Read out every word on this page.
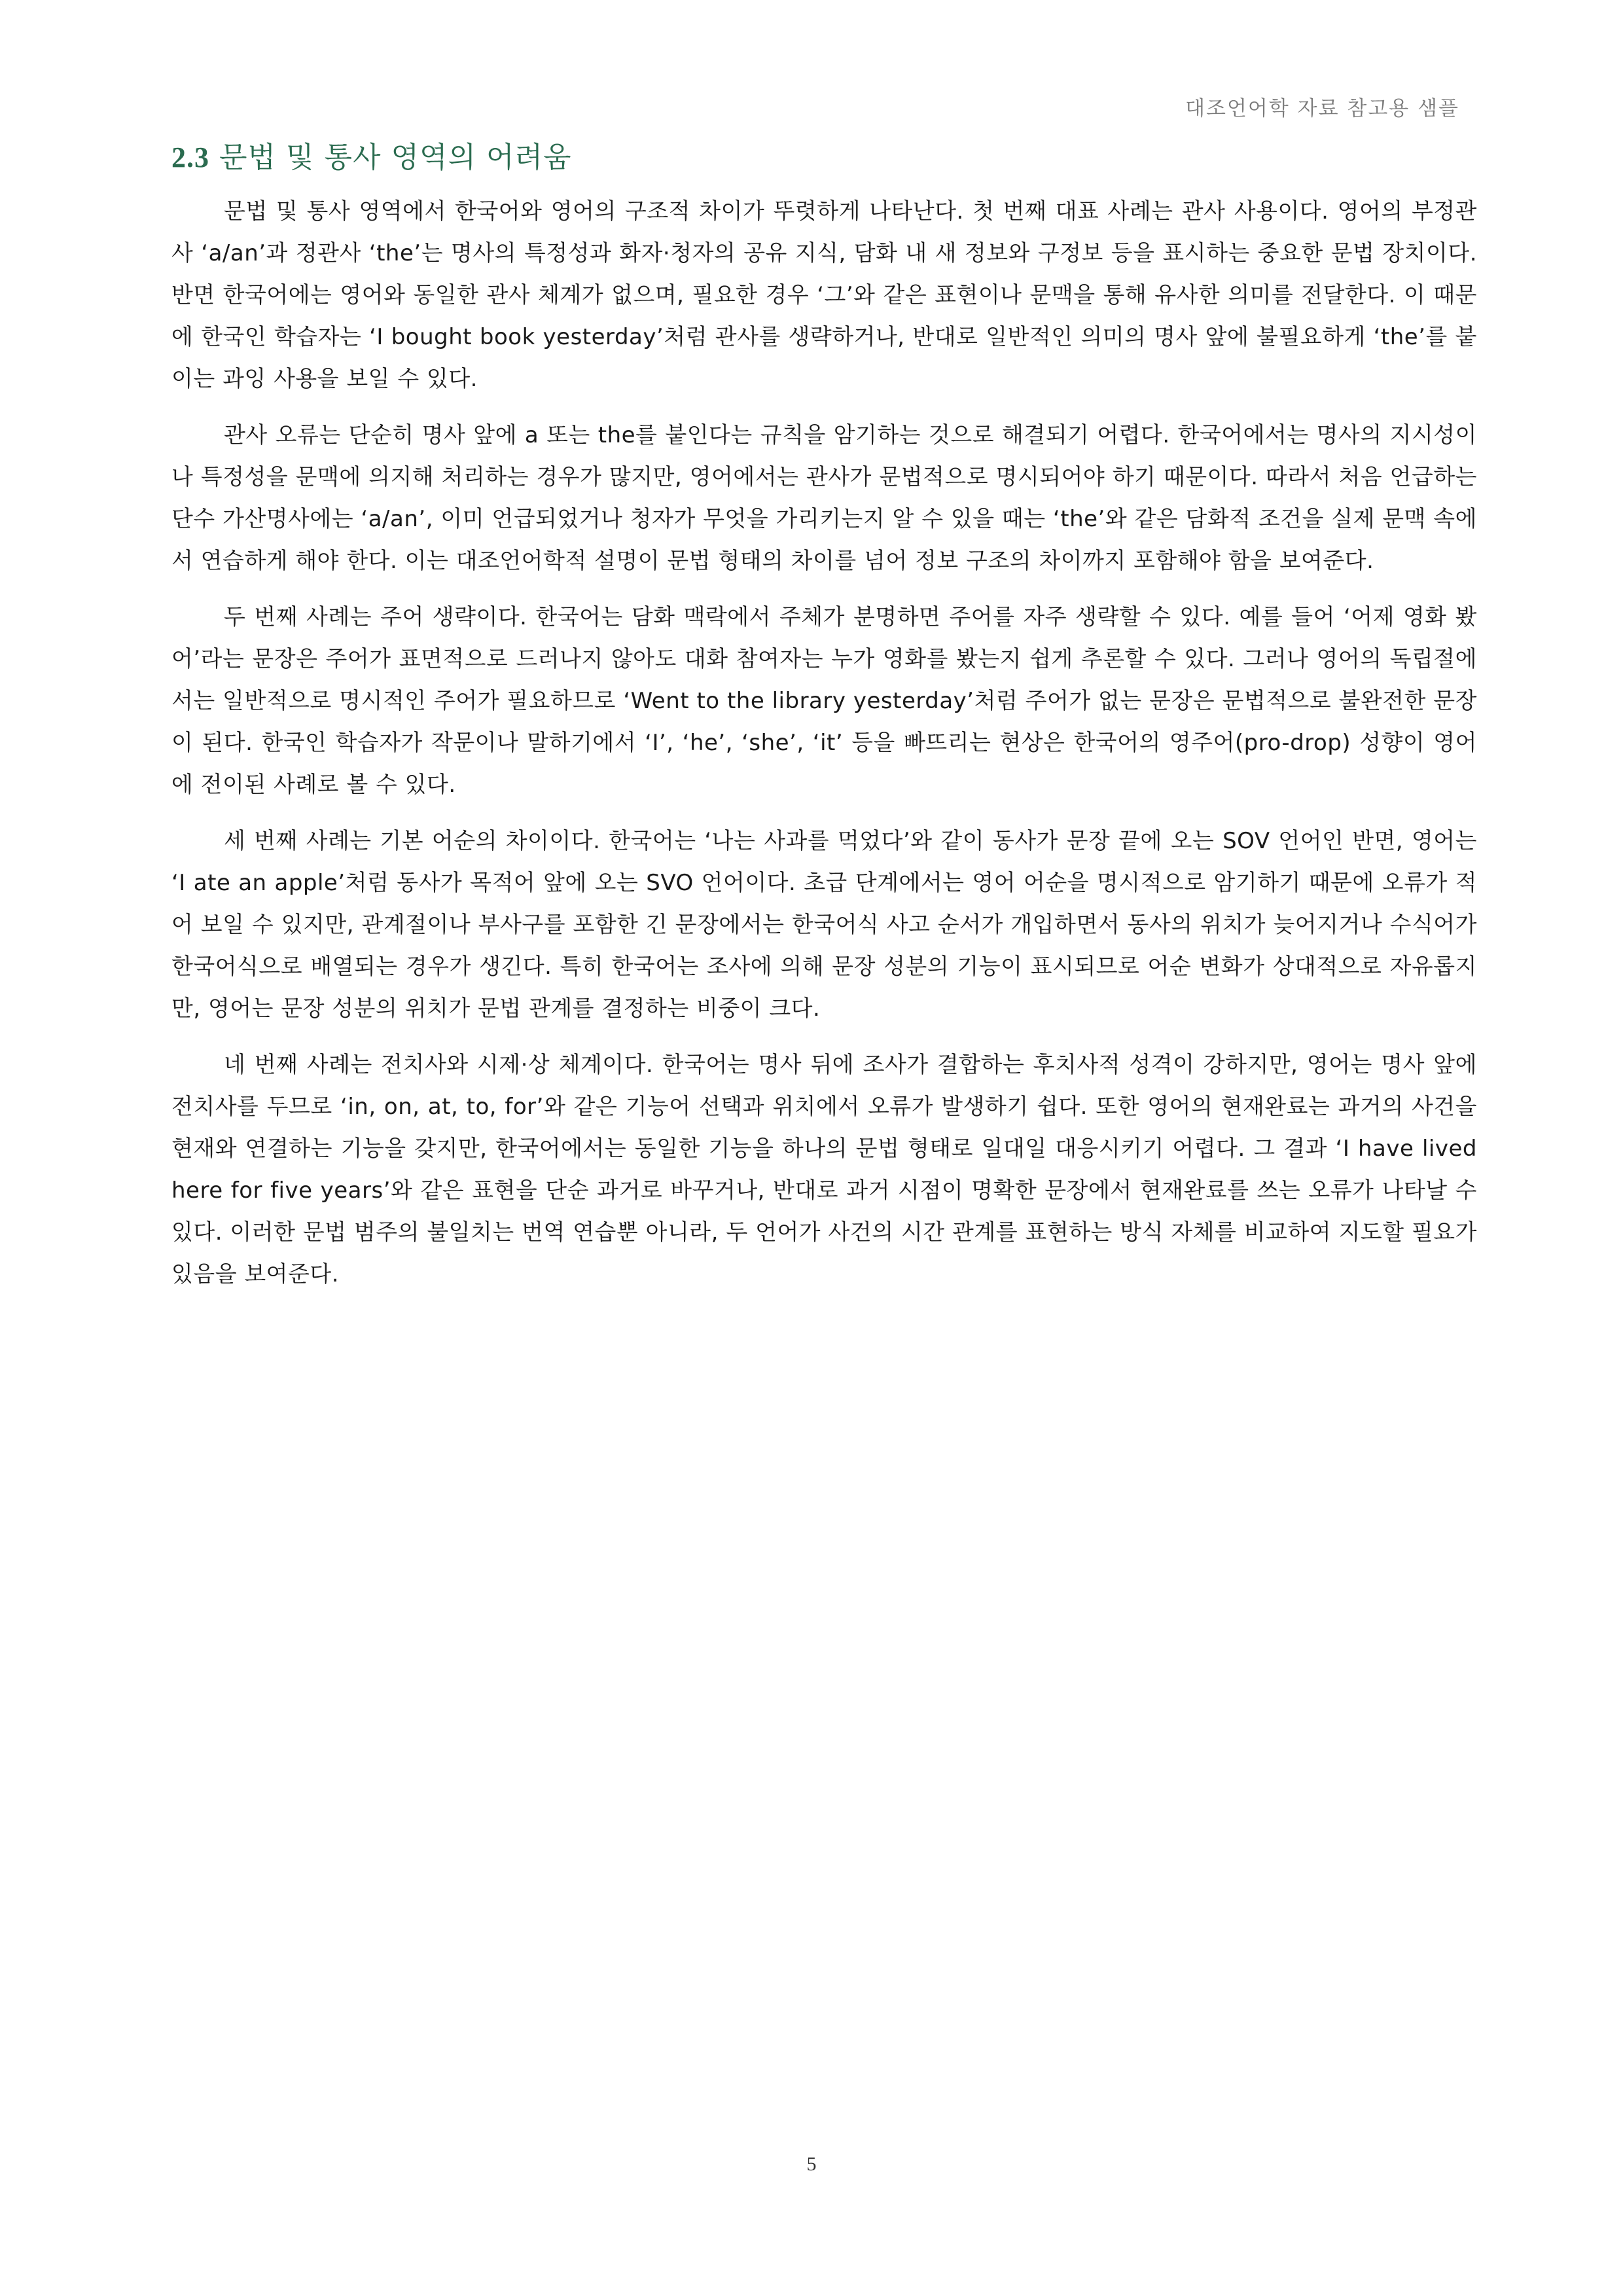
대조언어학 자료 참고용 샘플
2.3 문법 및 통사 영역의 어려움

문법 및 통사 영역에서 한국어와 영어의 구조적 차이가 뚜렷하게 나타난다. 첫 번째 대표 사례는 관사 사용이다. 영어의 부정관사 ‘a/an’과 정관사 ‘the’는 명사의 특정성과 화자·청자의 공유 지식, 담화 내 새 정보와 구정보 등을 표시하는 중요한 문법 장치이다. 반면 한국어에는 영어와 동일한 관사 체계가 없으며, 필요한 경우 ‘그’와 같은 표현이나 문맥을 통해 유사한 의미를 전달한다. 이 때문에 한국인 학습자는 ‘I bought book yesterday’처럼 관사를 생략하거나, 반대로 일반적인 의미의 명사 앞에 불필요하게 ‘the’를 붙이는 과잉 사용을 보일 수 있다.

관사 오류는 단순히 명사 앞에 a 또는 the를 붙인다는 규칙을 암기하는 것으로 해결되기 어렵다. 한국어에서는 명사의 지시성이나 특정성을 문맥에 의지해 처리하는 경우가 많지만, 영어에서는 관사가 문법적으로 명시되어야 하기 때문이다. 따라서 처음 언급하는 단수 가산명사에는 ‘a/an’, 이미 언급되었거나 청자가 무엇을 가리키는지 알 수 있을 때는 ‘the’와 같은 담화적 조건을 실제 문맥 속에서 연습하게 해야 한다. 이는 대조언어학적 설명이 문법 형태의 차이를 넘어 정보 구조의 차이까지 포함해야 함을 보여준다.

두 번째 사례는 주어 생략이다. 한국어는 담화 맥락에서 주체가 분명하면 주어를 자주 생략할 수 있다. 예를 들어 ‘어제 영화 봤어’라는 문장은 주어가 표면적으로 드러나지 않아도 대화 참여자는 누가 영화를 봤는지 쉽게 추론할 수 있다. 그러나 영어의 독립절에서는 일반적으로 명시적인 주어가 필요하므로 ‘Went to the library yesterday’처럼 주어가 없는 문장은 문법적으로 불완전한 문장이 된다. 한국인 학습자가 작문이나 말하기에서 ‘I’, ‘he’, ‘she’, ‘it’ 등을 빠뜨리는 현상은 한국어의 영주어(pro-drop) 성향이 영어에 전이된 사례로 볼 수 있다.

세 번째 사례는 기본 어순의 차이이다. 한국어는 ‘나는 사과를 먹었다’와 같이 동사가 문장 끝에 오는 SOV 언어인 반면, 영어는 ‘I ate an apple’처럼 동사가 목적어 앞에 오는 SVO 언어이다. 초급 단계에서는 영어 어순을 명시적으로 암기하기 때문에 오류가 적어 보일 수 있지만, 관계절이나 부사구를 포함한 긴 문장에서는 한국어식 사고 순서가 개입하면서 동사의 위치가 늦어지거나 수식어가 한국어식으로 배열되는 경우가 생긴다. 특히 한국어는 조사에 의해 문장 성분의 기능이 표시되므로 어순 변화가 상대적으로 자유롭지만, 영어는 문장 성분의 위치가 문법 관계를 결정하는 비중이 크다.

네 번째 사례는 전치사와 시제·상 체계이다. 한국어는 명사 뒤에 조사가 결합하는 후치사적 성격이 강하지만, 영어는 명사 앞에 전치사를 두므로 ‘in, on, at, to, for’와 같은 기능어 선택과 위치에서 오류가 발생하기 쉽다. 또한 영어의 현재완료는 과거의 사건을 현재와 연결하는 기능을 갖지만, 한국어에서는 동일한 기능을 하나의 문법 형태로 일대일 대응시키기 어렵다. 그 결과 ‘I have lived here for five years’와 같은 표현을 단순 과거로 바꾸거나, 반대로 과거 시점이 명확한 문장에서 현재완료를 쓰는 오류가 나타날 수 있다. 이러한 문법 범주의 불일치는 번역 연습뿐 아니라, 두 언어가 사건의 시간 관계를 표현하는 방식 자체를 비교하여 지도할 필요가 있음을 보여준다.

5
